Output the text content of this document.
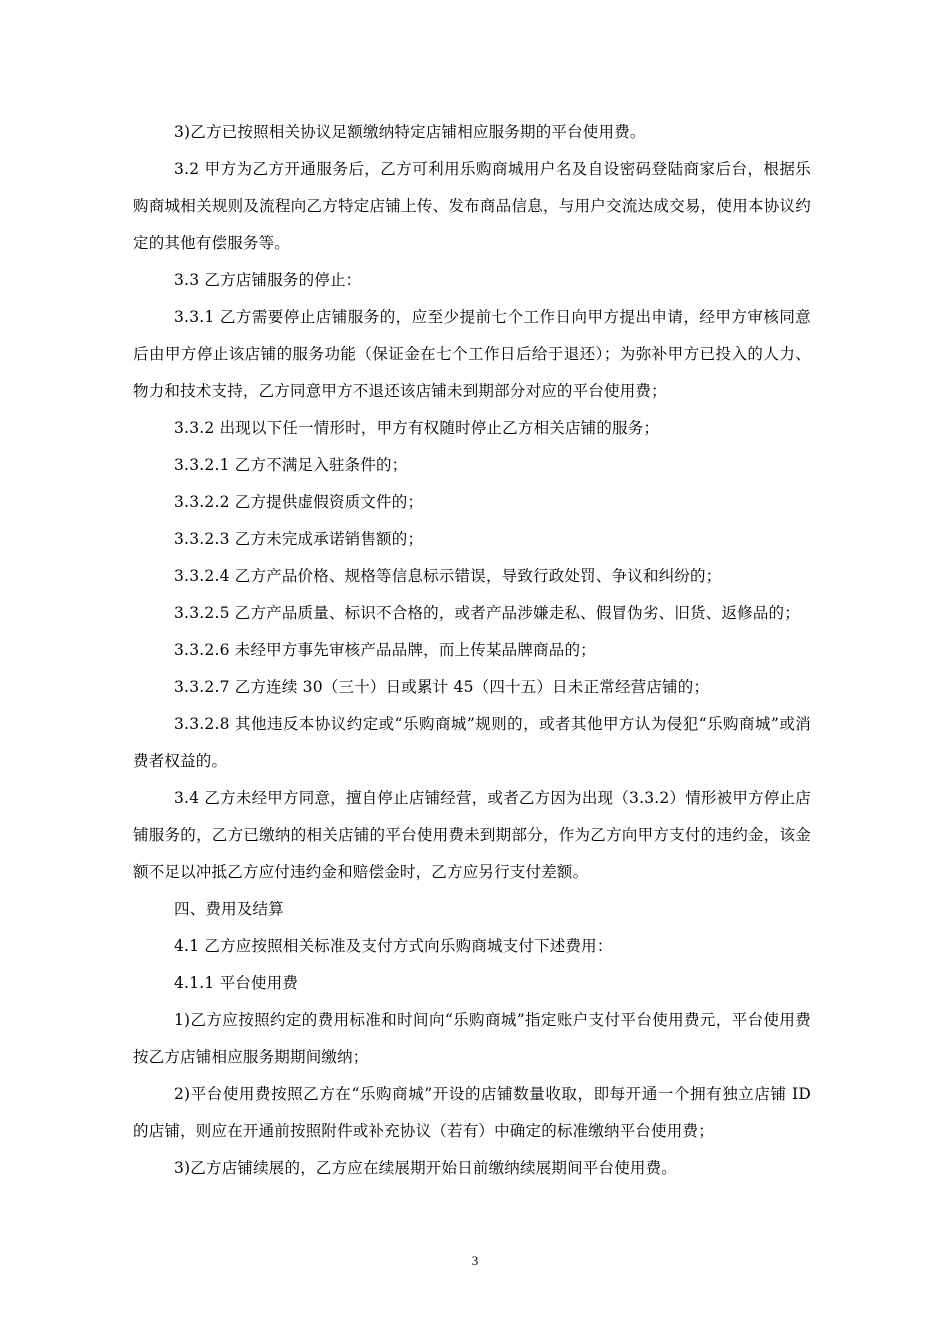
3)乙方已按照相关协议足额缴纳特定店铺相应服务期的平台使用费。

3.2 甲方为乙方开通服务后，乙方可利用乐购商城用户名及自设密码登陆商家后台，根据乐购商城相关规则及流程向乙方特定店铺上传、发布商品信息，与用户交流达成交易，使用本协议约定的其他有偿服务等。

3.3 乙方店铺服务的停止：

3.3.1 乙方需要停止店铺服务的，应至少提前七个工作日向甲方提出申请，经甲方审核同意后由甲方停止该店铺的服务功能（保证金在七个工作日后给于退还）；为弥补甲方已投入的人力、物力和技术支持，乙方同意甲方不退还该店铺未到期部分对应的平台使用费；

3.3.2 出现以下任一情形时，甲方有权随时停止乙方相关店铺的服务；

3.3.2.1 乙方不满足入驻条件的；

3.3.2.2 乙方提供虚假资质文件的；

3.3.2.3 乙方未完成承诺销售额的；

3.3.2.4 乙方产品价格、规格等信息标示错误，导致行政处罚、争议和纠纷的；

3.3.2.5 乙方产品质量、标识不合格的，或者产品涉嫌走私、假冒伪劣、旧货、返修品的；

3.3.2.6 未经甲方事先审核产品品牌，而上传某品牌商品的；

3.3.2.7 乙方连续 30（三十）日或累计 45（四十五）日未正常经营店铺的；

3.3.2.8 其他违反本协议约定或“乐购商城”规则的，或者其他甲方认为侵犯“乐购商城”或消费者权益的。

3.4 乙方未经甲方同意，擅自停止店铺经营，或者乙方因为出现（3.3.2）情形被甲方停止店铺服务的，乙方已缴纳的相关店铺的平台使用费未到期部分，作为乙方向甲方支付的违约金，该金额不足以冲抵乙方应付违约金和赔偿金时，乙方应另行支付差额。

四、费用及结算

4.1 乙方应按照相关标准及支付方式向乐购商城支付下述费用：

4.1.1 平台使用费

1)乙方应按照约定的费用标准和时间向“乐购商城”指定账户支付平台使用费元，平台使用费按乙方店铺相应服务期期间缴纳；

2)平台使用费按照乙方在“乐购商城”开设的店铺数量收取，即每开通一个拥有独立店铺 ID 的店铺，则应在开通前按照附件或补充协议（若有）中确定的标准缴纳平台使用费；

3)乙方店铺续展的，乙方应在续展期开始日前缴纳续展期间平台使用费。

3
